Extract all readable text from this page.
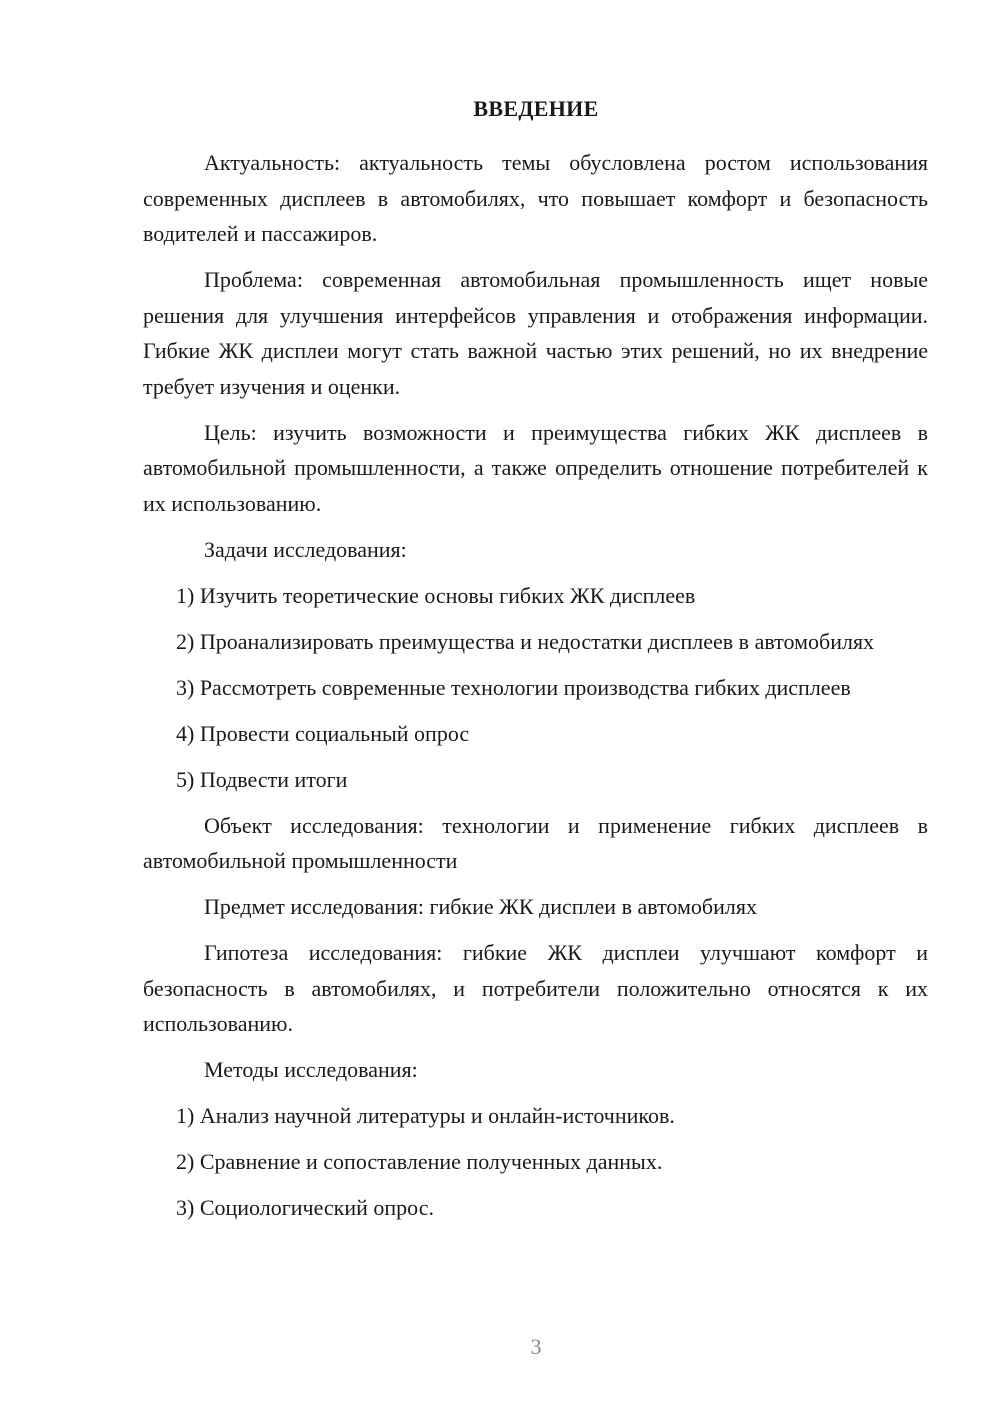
ВВЕДЕНИЕ

Актуальность: актуальность темы обусловлена ростом использования современных дисплеев в автомобилях, что повышает комфорт и безопасность водителей и пассажиров.

Проблема: современная автомобильная промышленность ищет новые решения для улучшения интерфейсов управления и отображения информации. Гибкие ЖК дисплеи могут стать важной частью этих решений, но их внедрение требует изучения и оценки.

Цель: изучить возможности и преимущества гибких ЖК дисплеев в автомобильной промышленности, а также определить отношение потребителей к их использованию.

Задачи исследования:

1) Изучить теоретические основы гибких ЖК дисплеев

2) Проанализировать преимущества и недостатки дисплеев в автомобилях

3) Рассмотреть современные технологии производства гибких дисплеев

4) Провести социальный опрос

5) Подвести итоги

Объект исследования: технологии и применение гибких дисплеев в автомобильной промышленности

Предмет исследования: гибкие ЖК дисплеи в автомобилях

Гипотеза исследования: гибкие ЖК дисплеи улучшают комфорт и безопасность в автомобилях, и потребители положительно относятся к их использованию.

Методы исследования:

1) Анализ научной литературы и онлайн-источников.

2) Сравнение и сопоставление полученных данных.

3) Социологический опрос.

3
